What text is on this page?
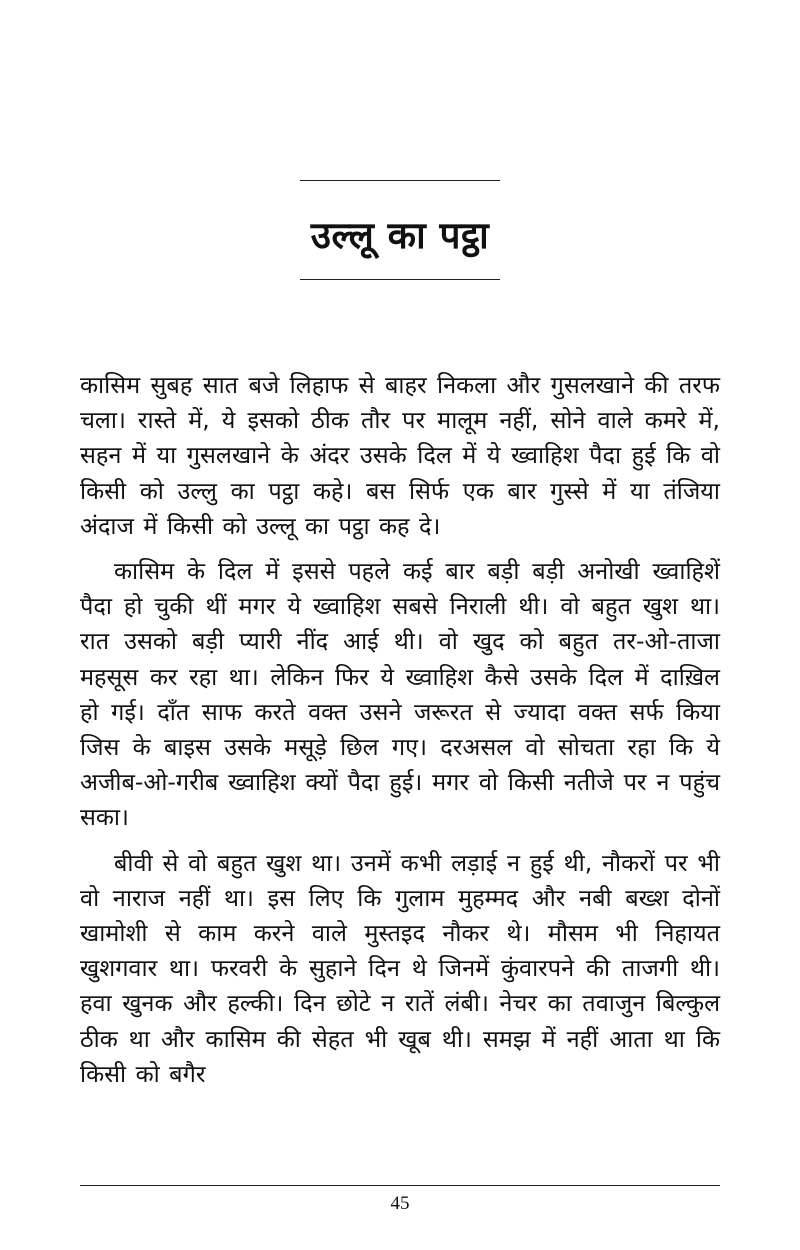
उल्लू का पट्ठा

कासिम सुबह सात बजे लिहाफ से बाहर निकला और गुसलखाने की तरफ चला। रास्ते में, ये इसको ठीक तौर पर मालूम नहीं, सोने वाले कमरे में, सहन में या गुसलखाने के अंदर उसके दिल में ये ख्वाहिश पैदा हुई कि वो किसी को उल्लु का पट्ठा कहे। बस सिर्फ एक बार गुस्से में या तंजिया अंदाज में किसी को उल्लू का पट्ठा कह दे।

कासिम के दिल में इससे पहले कई बार बड़ी बड़ी अनोखी ख्वाहिशें पैदा हो चुकी थीं मगर ये ख्वाहिश सबसे निराली थी। वो बहुत खुश था। रात उसको बड़ी प्यारी नींद आई थी। वो खुद को बहुत तर-ओ-ताजा महसूस कर रहा था। लेकिन फिर ये ख्वाहिश कैसे उसके दिल में दाख़िल हो गई। दाँत साफ करते वक्त उसने जरूरत से ज्यादा वक्त सर्फ किया जिस के बाइस उसके मसूड़े छिल गए। दरअसल वो सोचता रहा कि ये अजीब-ओ-गरीब ख्वाहिश क्यों पैदा हुई। मगर वो किसी नतीजे पर न पहुंच सका।

बीवी से वो बहुत खुश था। उनमें कभी लड़ाई न हुई थी, नौकरों पर भी वो नाराज नहीं था। इस लिए कि गुलाम मुहम्मद और नबी बख्श दोनों खामोशी से काम करने वाले मुस्तइद नौकर थे। मौसम भी निहायत खुशगवार था। फरवरी के सुहाने दिन थे जिनमें कुंवारपने की ताजगी थी। हवा खुनक और हल्की। दिन छोटे न रातें लंबी। नेचर का तवाजुन बिल्कुल ठीक था और कासिम की सेहत भी खूब थी। समझ में नहीं आता था कि किसी को बगैर

45
